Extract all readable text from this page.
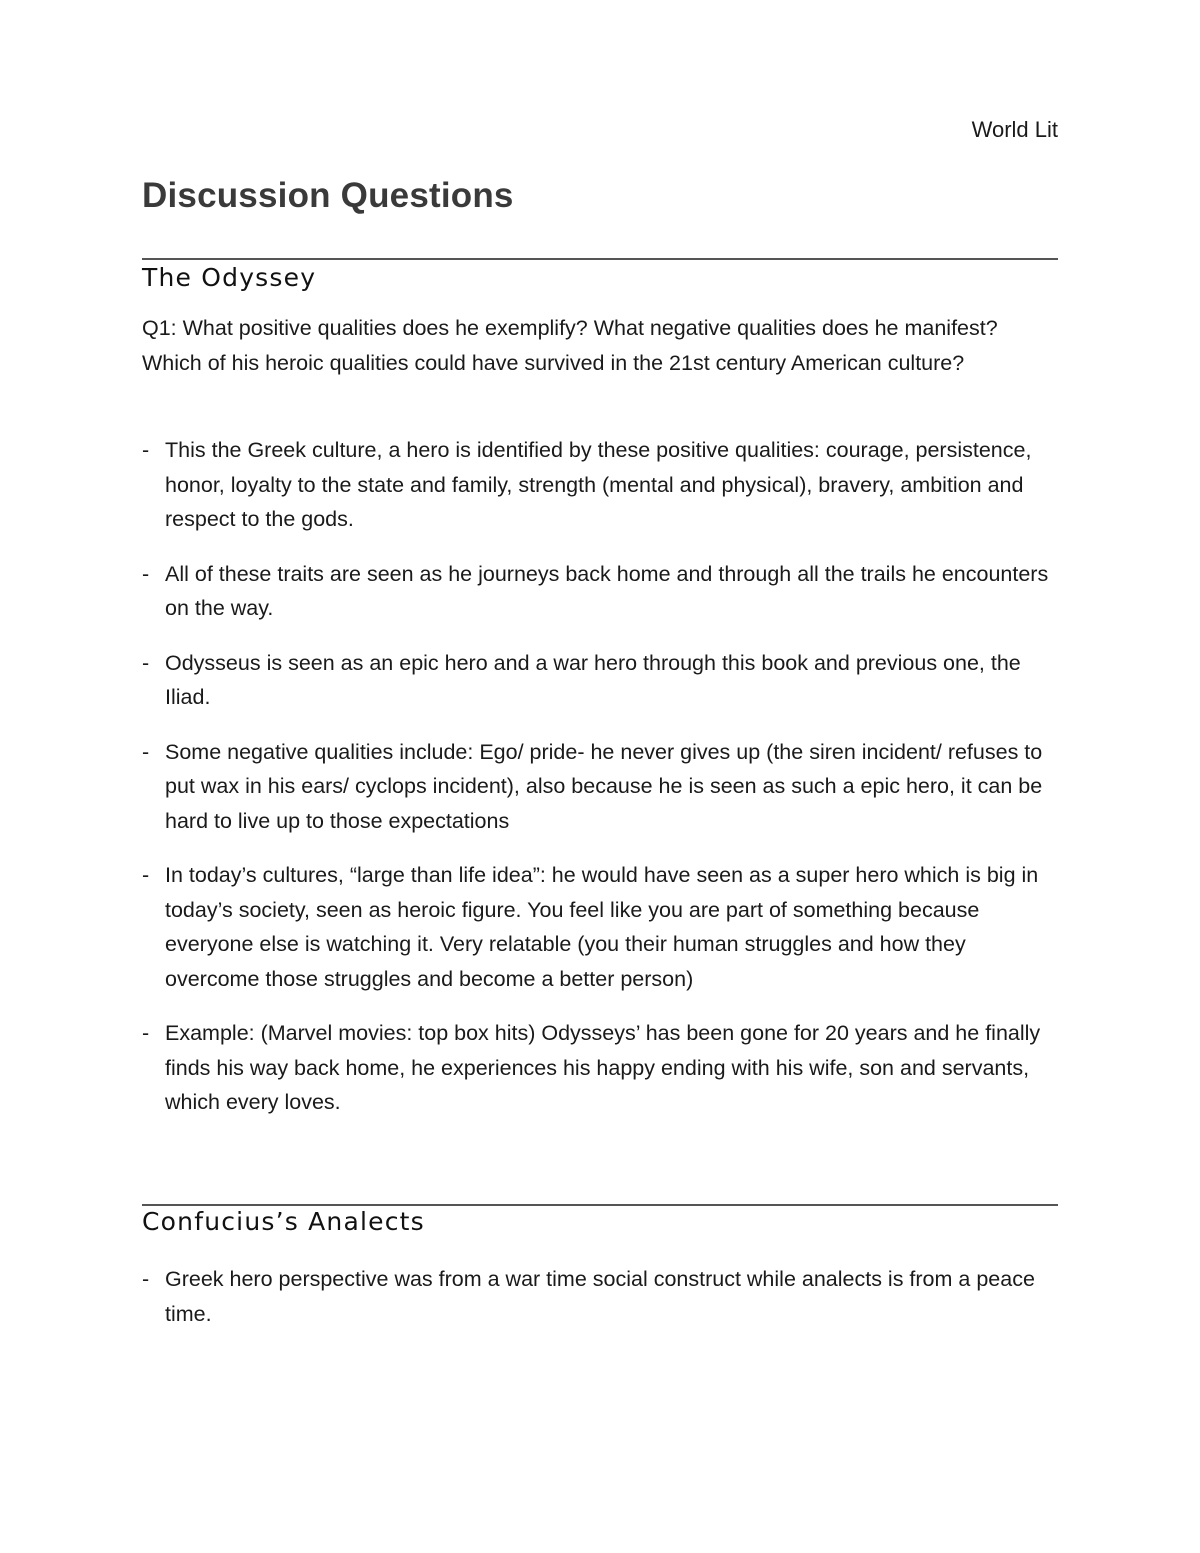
World Lit
Discussion Questions
The Odyssey

Q1: What positive qualities does he exemplify? What negative qualities does he manifest? Which of his heroic qualities could have survived in the 21st century American culture?

- This the Greek culture, a hero is identified by these positive qualities: courage, persistence, honor, loyalty to the state and family, strength (mental and physical), bravery, ambition and respect to the gods.
- All of these traits are seen as he journeys back home and through all the trails he encounters on the way.
- Odysseus is seen as an epic hero and a war hero through this book and previous one, the Iliad.
- Some negative qualities include: Ego/ pride- he never gives up (the siren incident/ refuses to put wax in his ears/ cyclops incident), also because he is seen as such a epic hero, it can be hard to live up to those expectations
- In today’s cultures, “large than life idea”: he would have seen as a super hero which is big in today’s society, seen as heroic figure. You feel like you are part of something because everyone else is watching it. Very relatable (you their human struggles and how they overcome those struggles and become a better person)
- Example: (Marvel movies: top box hits) Odysseys’ has been gone for 20 years and he finally finds his way back home, he experiences his happy ending with his wife, son and servants, which every loves.
Confucius’s Analects
- Greek hero perspective was from a war time social construct while analects is from a peace time.
